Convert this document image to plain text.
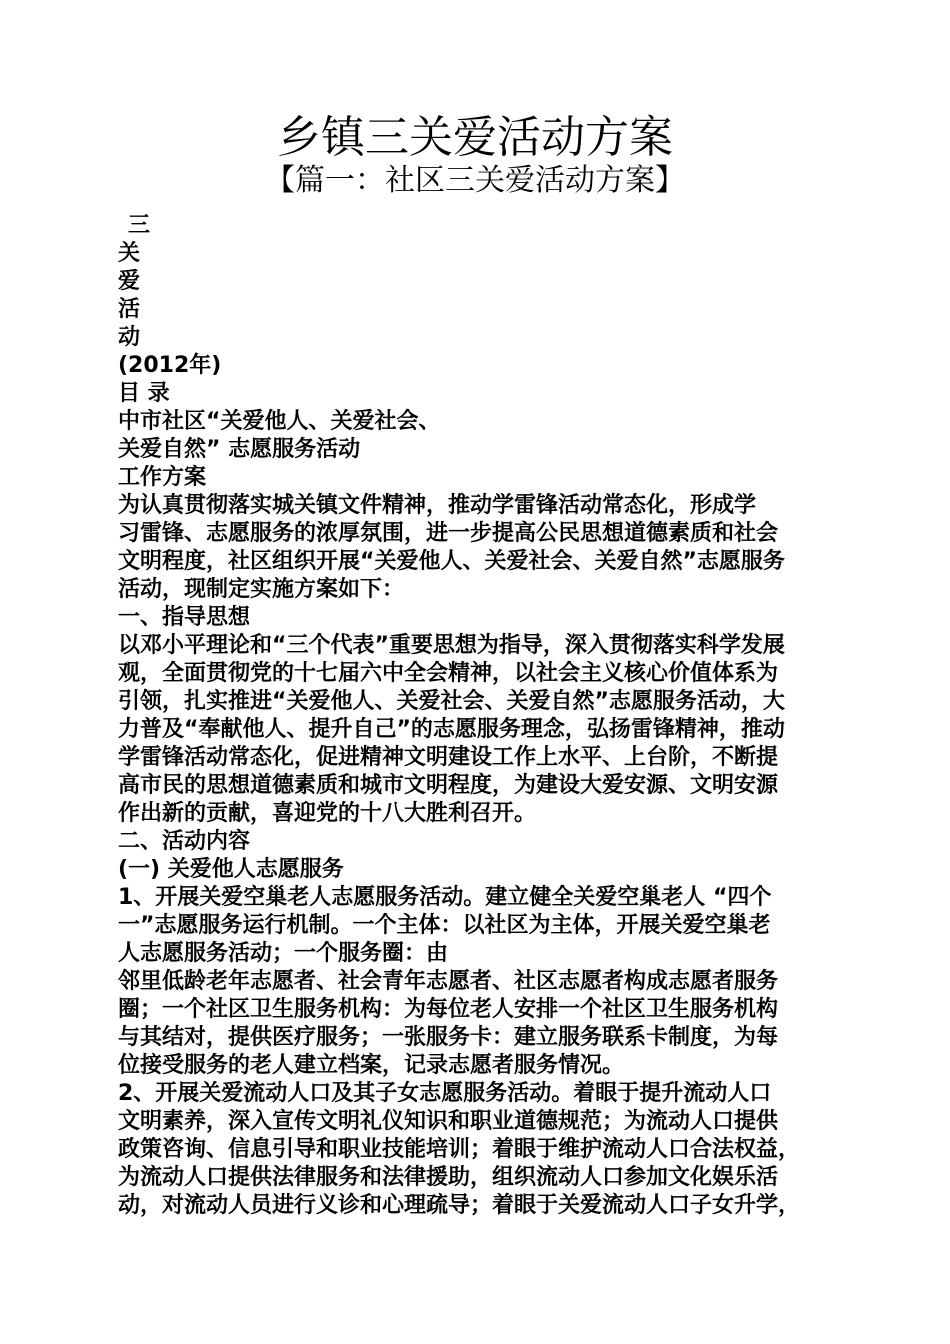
乡镇三关爱活动方案
【篇一：社区三关爱活动方案】

三

关

爱

活

动

(2012年)

目 录

中市社区“关爱他人、关爱社会、

关爱自然” 志愿服务活动

工作方案

为认真贯彻落实城关镇文件精神，推动学雷锋活动常态化，形成学

习雷锋、志愿服务的浓厚氛围，进一步提高公民思想道德素质和社会

文明程度，社区组织开展“关爱他人、关爱社会、关爱自然”志愿服务

活动，现制定实施方案如下：

一、指导思想

以邓小平理论和“三个代表”重要思想为指导，深入贯彻落实科学发展

观，全面贯彻党的十七届六中全会精神，以社会主义核心价值体系为

引领，扎实推进“关爱他人、关爱社会、关爱自然”志愿服务活动，大

力普及“奉献他人、提升自己”的志愿服务理念，弘扬雷锋精神，推动

学雷锋活动常态化，促进精神文明建设工作上水平、上台阶，不断提

高市民的思想道德素质和城市文明程度，为建设大爱安源、文明安源

作出新的贡献，喜迎党的十八大胜利召开。

二、活动内容

(一) 关爱他人志愿服务

1、开展关爱空巢老人志愿服务活动。建立健全关爱空巢老人 “四个

一”志愿服务运行机制。一个主体：以社区为主体，开展关爱空巢老

人志愿服务活动；一个服务圈：由

邻里低龄老年志愿者、社会青年志愿者、社区志愿者构成志愿者服务

圈；一个社区卫生服务机构：为每位老人安排一个社区卫生服务机构

与其结对，提供医疗服务；一张服务卡：建立服务联系卡制度，为每

位接受服务的老人建立档案，记录志愿者服务情况。

2、开展关爱流动人口及其子女志愿服务活动。着眼于提升流动人口

文明素养，深入宣传文明礼仪知识和职业道德规范；为流动人口提供

政策咨询、信息引导和职业技能培训；着眼于维护流动人口合法权益，

为流动人口提供法律服务和法律援助，组织流动人口参加文化娱乐活

动，对流动人员进行义诊和心理疏导；着眼于关爱流动人口子女升学，
